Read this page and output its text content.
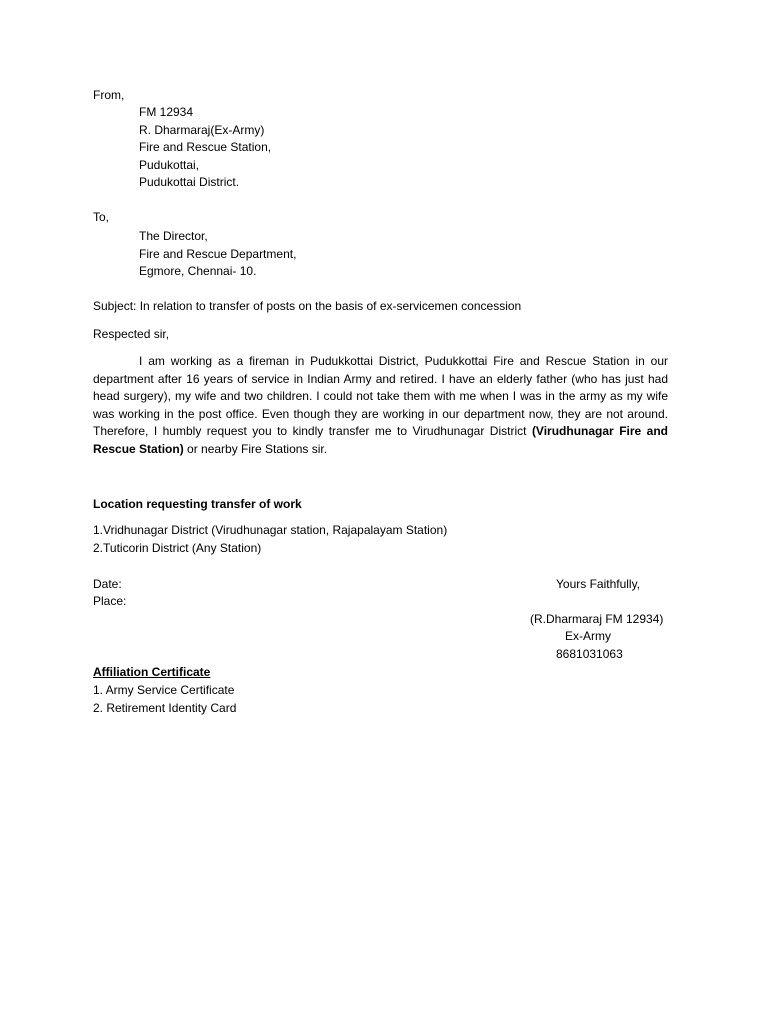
From,
FM 12934
R. Dharmaraj(Ex-Army)
Fire and Rescue Station,
Pudukottai,
Pudukottai District.
To,
The Director,
Fire and Rescue Department,
Egmore, Chennai- 10.
Subject: In relation to transfer of posts on the basis of ex-servicemen concession
Respected sir,

I am working as a fireman in Pudukkottai District, Pudukkottai Fire and Rescue Station in our department after 16 years of service in Indian Army and retired. I have an elderly father (who has just had head surgery), my wife and two children. I could not take them with me when I was in the army as my wife was working in the post office. Even though they are working in our department now, they are not around. Therefore, I humbly request you to kindly transfer me to Virudhunagar District (Virudhunagar Fire and Rescue Station) or nearby Fire Stations sir.

Location requesting transfer of work
1.Vridhunagar District (Virudhunagar station, Rajapalayam Station)
2.Tuticorin District (Any Station)
Date:
Place:
Yours Faithfully,
(R.Dharmaraj FM 12934)
Ex-Army
8681031063
Affiliation Certificate
1. Army Service Certificate
2. Retirement Identity Card
